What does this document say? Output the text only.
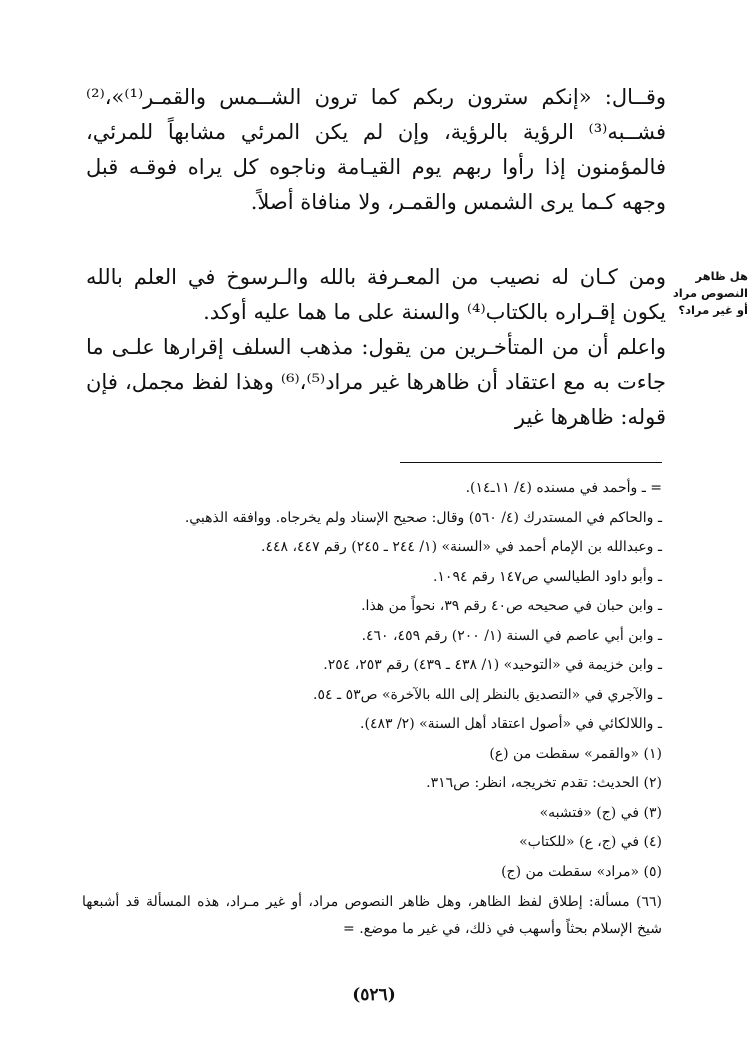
وقــال: «إنكم سترون ربكم كما ترون الشــمس والقمـر⁽¹⁾»،⁽²⁾ فشــبه⁽³⁾ الرؤية بالرؤية، وإن لم يكن المرئي مشابهاً للمرئي، فالمؤمنون إذا رأوا ربهم يوم القيـامة وناجوه كل يراه فوقـه قبل وجهه كـما يرى الشمس والقمـر، ولا منافاة أصلاً.

ومن كـان له نصيب من المعـرفة بالله والـرسوخ في العلم بالله يكون إقـراره بالكتاب⁽⁴⁾ والسنة على ما هما عليه أوكد.

واعلم أن من المتأخـرين من يقول: مذهب السلف إقرارها علـى ما جاءت به مع اعتقاد أن ظاهرها غير مراد⁽⁵⁾،⁽⁶⁾ وهذا لفظ مجمل، فإن قوله: ظاهرها غير

هل ظاهر النصوص مراد أو غير مراد؟

= ـ وأحمد في مسنده (٤/ ١١ـ١٤).

ـ والحاكم في المستدرك (٤/ ٥٦٠) وقال: صحيح الإسناد ولم يخرجاه. ووافقه الذهبي.

ـ وعبدالله بن الإمام أحمد في «السنة» (١/ ٢٤٤ ـ ٢٤٥) رقم ٤٤٧، ٤٤٨.

ـ وأبو داود الطيالسي ص١٤٧ رقم ١٠٩٤.

ـ وابن حبان في صحيحه ص٤٠ رقم ٣٩، نحواً من هذا.

ـ وابن أبي عاصم في السنة (١/ ٢٠٠) رقم ٤٥٩، ٤٦٠.

ـ وابن خزيمة في «التوحيد» (١/ ٤٣٨ ـ ٤٣٩) رقم ٢٥٣، ٢٥٤.

ـ والآجري في «التصديق بالنظر إلى الله بالآخرة» ص٥٣ ـ ٥٤.

ـ واللالكائي في «أصول اعتقاد أهل السنة» (٢/ ٤٨٣).

(١) «والقمر» سقطت من (ع)

(٢) الحديث: تقدم تخريجه، انظر: ص٣١٦.

(٣) في (ج) «فتشبه»

(٤) في (ج، ع) «للكتاب»

(٥) «مراد» سقطت من (ج)

(٦٦) مسألة: إطلاق لفظ الظاهر، وهل ظاهر النصوص مراد، أو غير مـراد، هذه المسألة قد أشبعها شيخ الإسلام بحثاً وأسهب في ذلك، في غير ما موضع. =

(٥٢٦)
